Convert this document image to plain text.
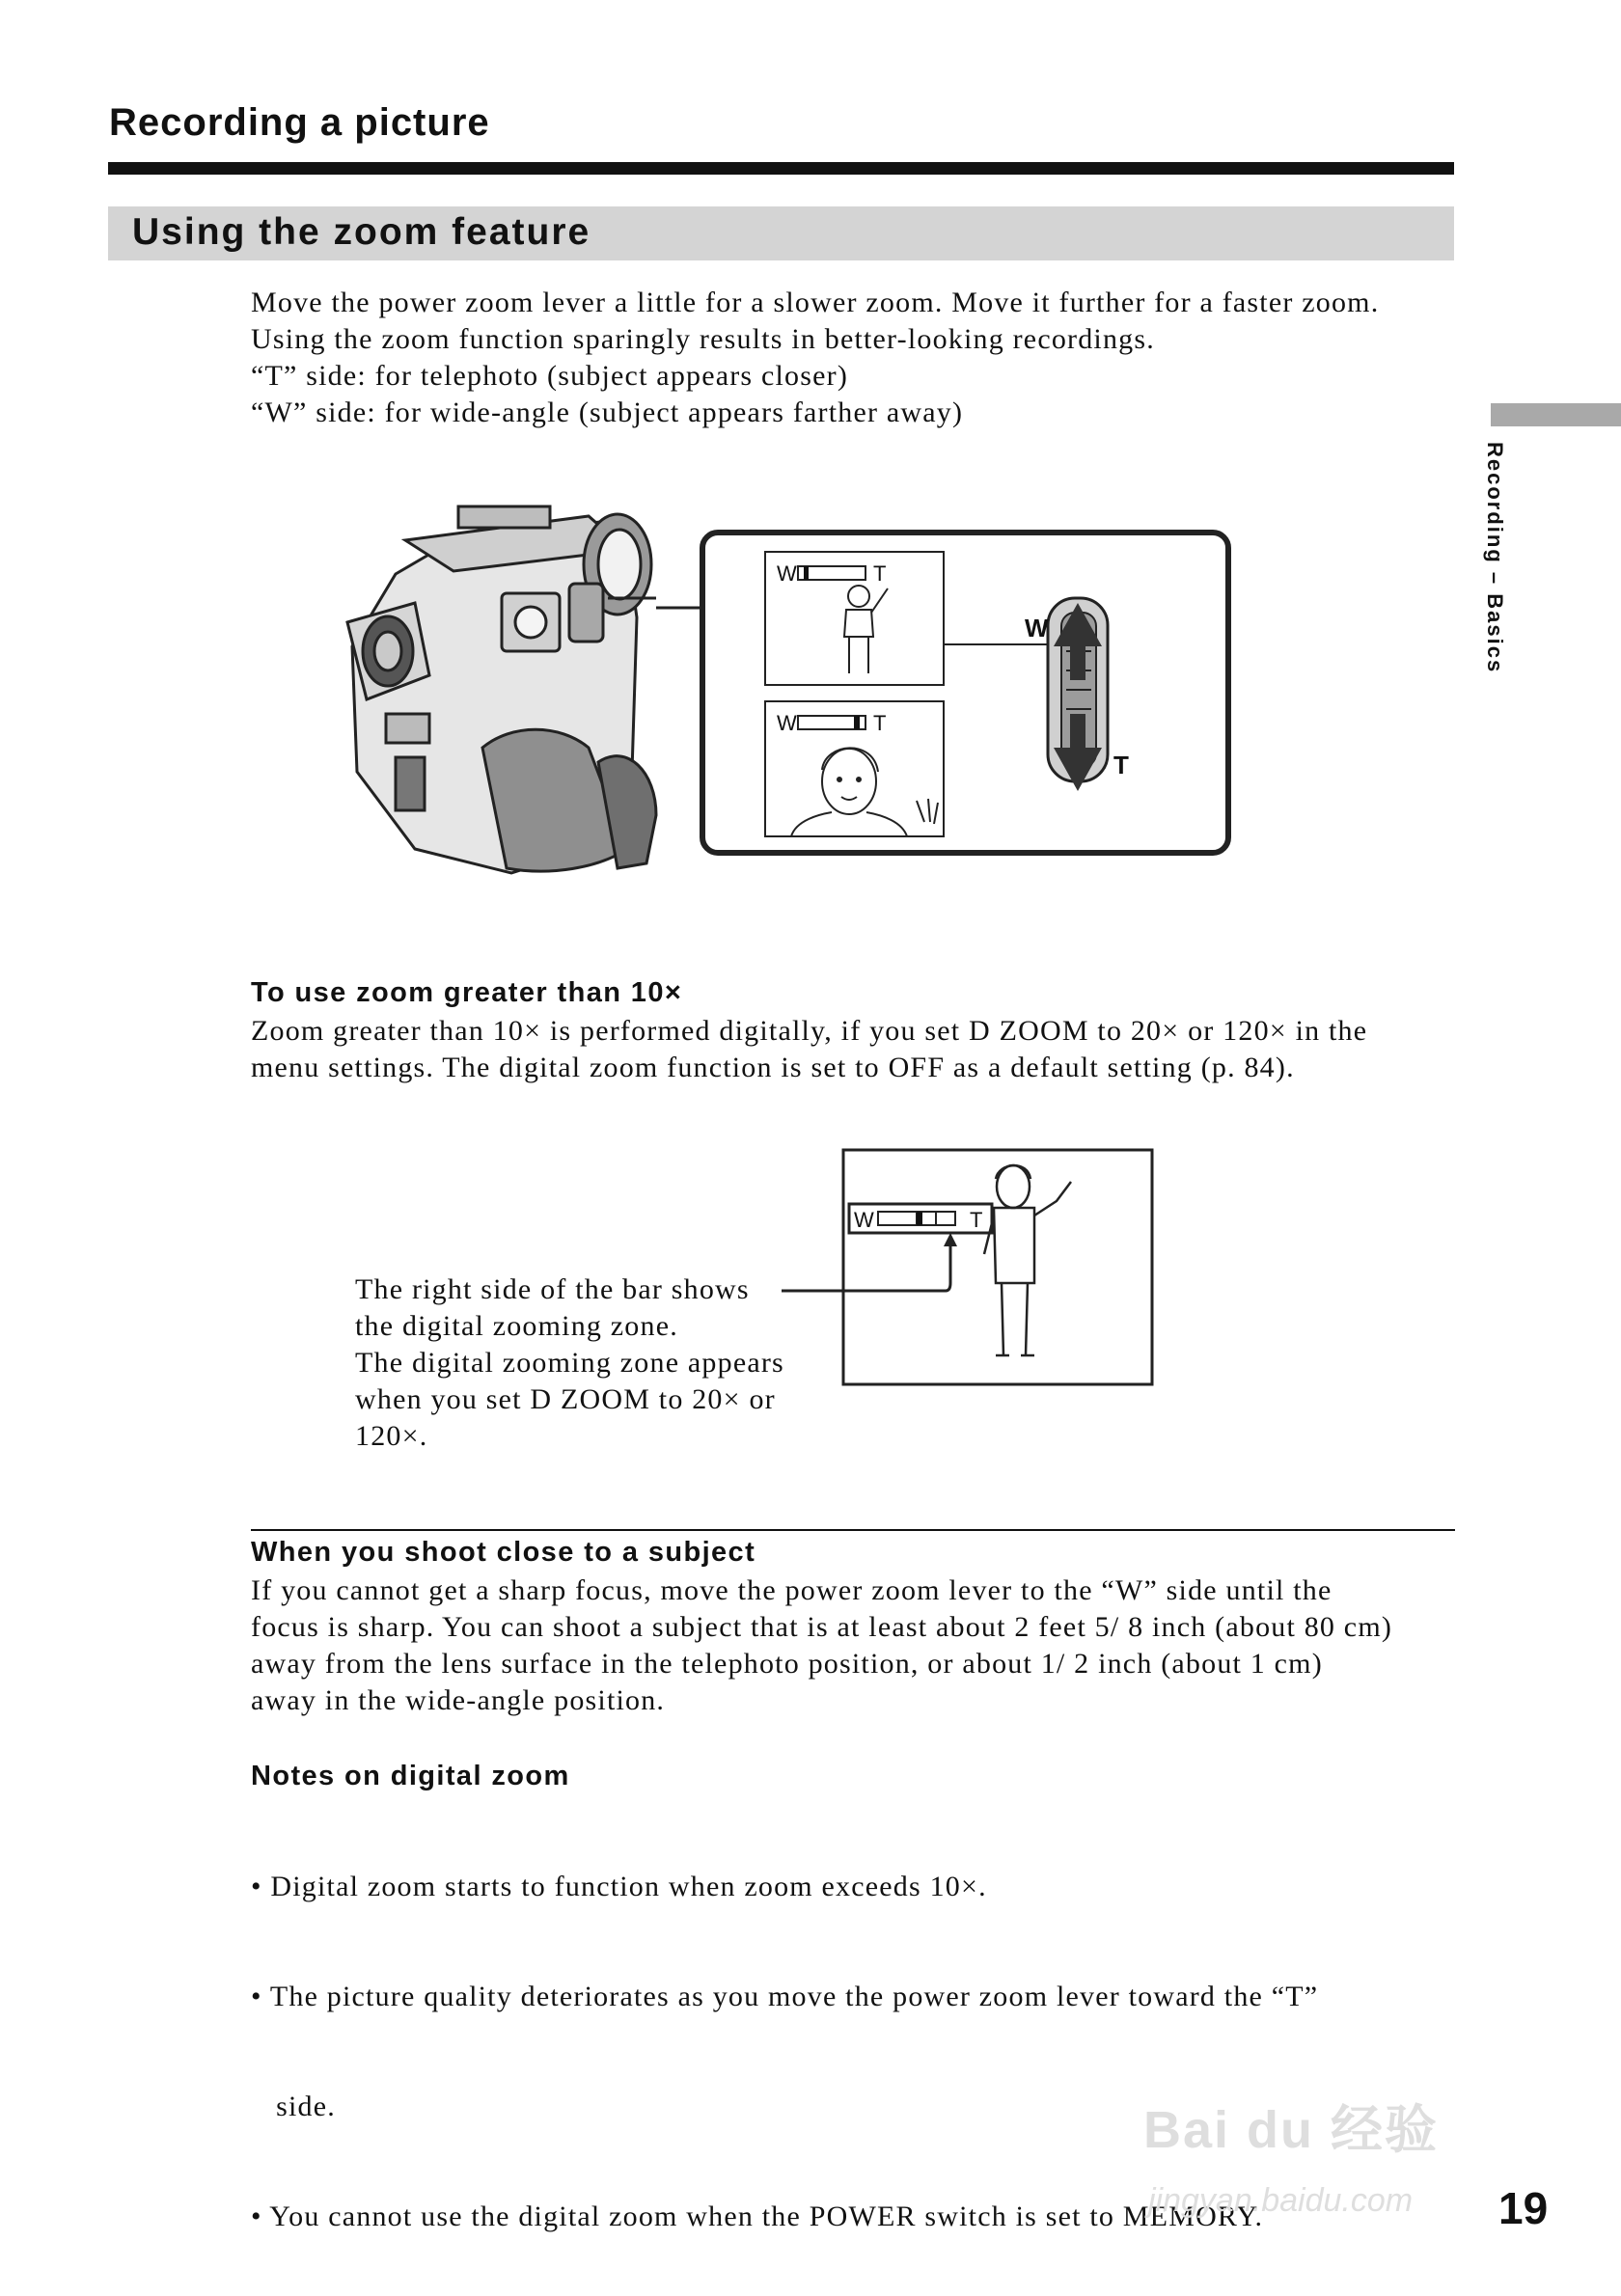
Recording a picture
Using the zoom feature
Recording – Basics

Move the power zoom lever a little for a slower zoom. Move it further for a faster zoom.

Using the zoom function sparingly results in better-looking recordings.

“T” side: for telephoto (subject appears closer)

“W” side: for wide-angle (subject appears farther away)

W	T
W	T
W
T
To use zoom greater than 10×

Zoom greater than 10× is performed digitally, if you set D ZOOM to 20× or 120× in the

menu settings. The digital zoom function is set to OFF as a default setting (p. 84).

The right side of the bar shows

the digital zooming zone.

The digital zooming zone appears

when you set D ZOOM to 20× or

120×.

W	T
When you shoot close to a subject

If you cannot get a sharp focus, move the power zoom lever to the “W” side until the

focus is sharp. You can shoot a subject that is at least about 2 feet 5/ 8 inch (about 80 cm)

away from the lens surface in the telephoto position, or about 1/ 2 inch (about 1 cm)

away in the wide-angle position.

Notes on digital zoom

• Digital zoom starts to function when zoom exceeds 10×.

• The picture quality deteriorates as you move the power zoom lever toward the “T”

side.

• You cannot use the digital zoom when the POWER switch is set to MEMORY.

Bai du 经验
jingyan.baidu.com 19
